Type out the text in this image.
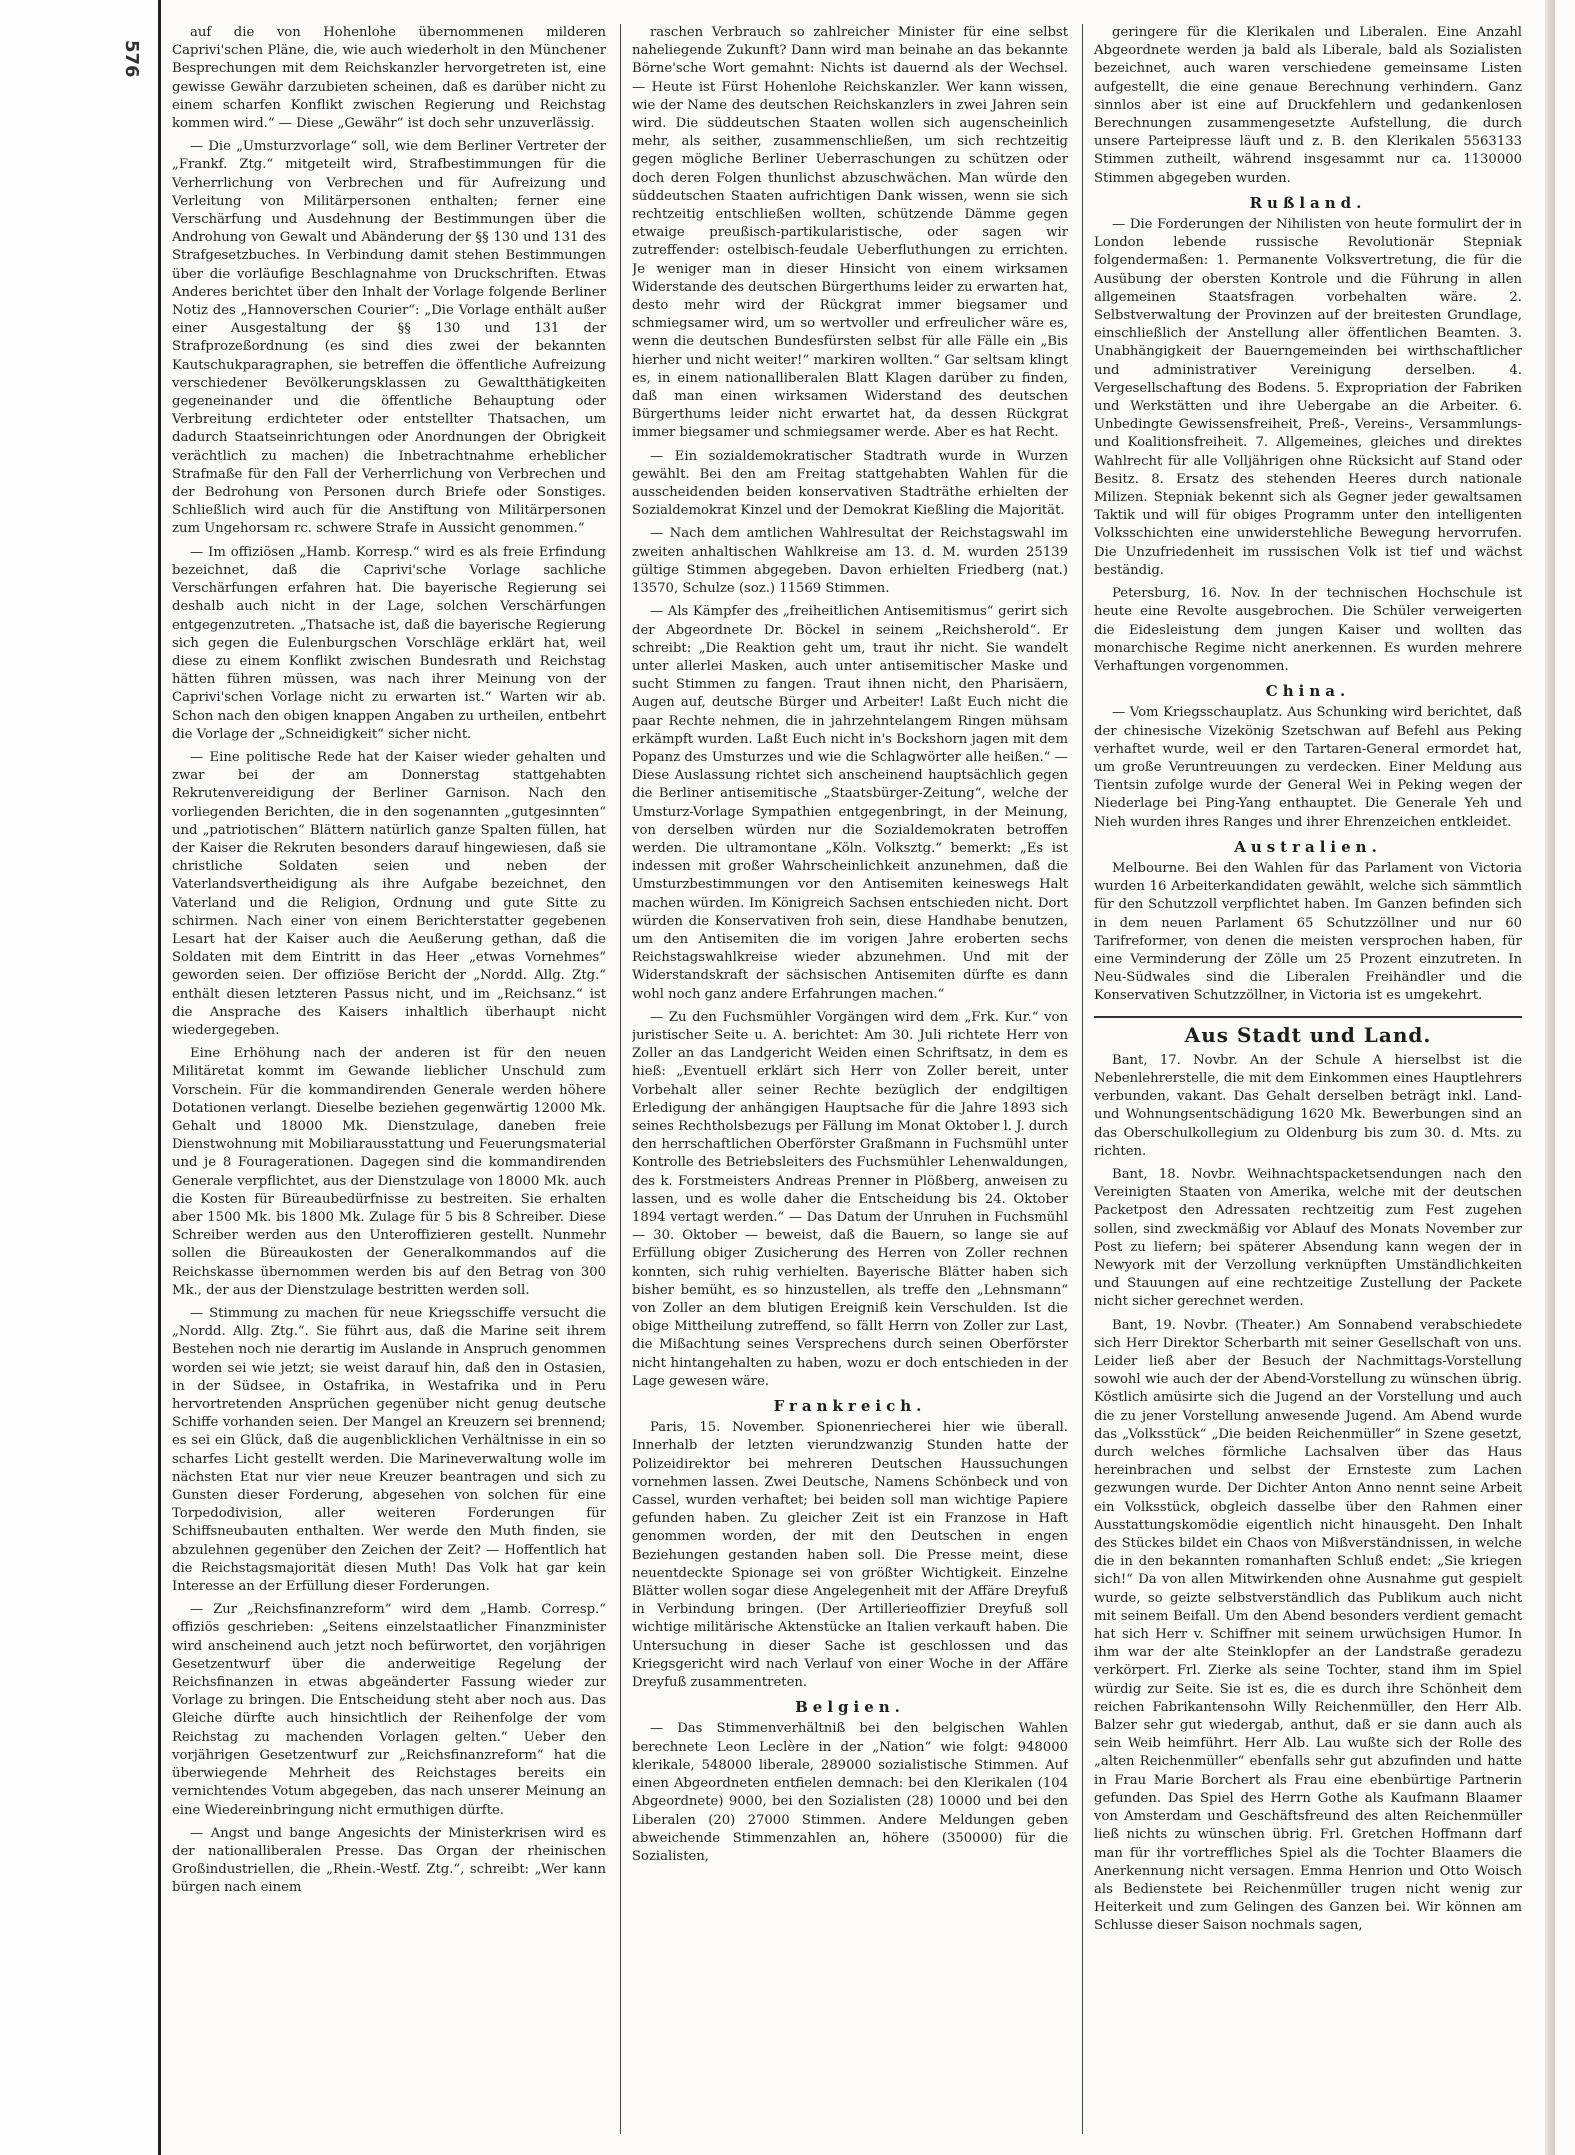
576

auf die von Hohenlohe übernommenen milderen Caprivi'schen Pläne, die, wie auch wiederholt in den Münchener Besprechungen mit dem Reichskanzler hervorgetreten ist, eine gewisse Gewähr darzubieten scheinen, daß es darüber nicht zu einem scharfen Konflikt zwischen Regierung und Reichstag kommen wird.“ — Diese „Gewähr“ ist doch sehr unzuverlässig.

— Die „Umsturzvorlage“ soll, wie dem Berliner Vertreter der „Frankf. Ztg.“ mitgeteilt wird, Strafbestimmungen für die Verherrlichung von Verbrechen und für Aufreizung und Verleitung von Militärpersonen enthalten; ferner eine Verschärfung und Ausdehnung der Bestimmungen über die Androhung von Gewalt und Abänderung der §§ 130 und 131 des Strafgesetzbuches. In Verbindung damit stehen Bestimmungen über die vorläufige Beschlagnahme von Druckschriften. Etwas Anderes berichtet über den Inhalt der Vorlage folgende Berliner Notiz des „Hannoverschen Courier“: „Die Vorlage enthält außer einer Ausgestaltung der §§ 130 und 131 der Strafprozeßordnung (es sind dies zwei der bekannten Kautschukparagraphen, sie betreffen die öffentliche Aufreizung verschiedener Bevölkerungsklassen zu Gewaltthätigkeiten gegeneinander und die öffentliche Behauptung oder Verbreitung erdichteter oder entstellter Thatsachen, um dadurch Staatseinrichtungen oder Anordnungen der Obrigkeit verächtlich zu machen) die Inbetrachtnahme erheblicher Strafmaße für den Fall der Verherrlichung von Verbrechen und der Bedrohung von Personen durch Briefe oder Sonstiges. Schließlich wird auch für die Anstiftung von Militärpersonen zum Ungehorsam rc. schwere Strafe in Aussicht genommen.“

— Im offiziösen „Hamb. Korresp.“ wird es als freie Erfindung bezeichnet, daß die Caprivi'sche Vorlage sachliche Verschärfungen erfahren hat. Die bayerische Regierung sei deshalb auch nicht in der Lage, solchen Verschärfungen entgegenzutreten. „Thatsache ist, daß die bayerische Regierung sich gegen die Eulenburgschen Vorschläge erklärt hat, weil diese zu einem Konflikt zwischen Bundesrath und Reichstag hätten führen müssen, was nach ihrer Meinung von der Caprivi'schen Vorlage nicht zu erwarten ist.“ Warten wir ab. Schon nach den obigen knappen Angaben zu urtheilen, entbehrt die Vorlage der „Schneidigkeit“ sicher nicht.

— Eine politische Rede hat der Kaiser wieder gehalten und zwar bei der am Donnerstag stattgehabten Rekrutenvereidigung der Berliner Garnison. Nach den vorliegenden Berichten, die in den sogenannten „gutgesinnten“ und „patriotischen“ Blättern natürlich ganze Spalten füllen, hat der Kaiser die Rekruten besonders darauf hingewiesen, daß sie christliche Soldaten seien und neben der Vaterlandsvertheidigung als ihre Aufgabe bezeichnet, den Vaterland und die Religion, Ordnung und gute Sitte zu schirmen. Nach einer von einem Berichterstatter gegebenen Lesart hat der Kaiser auch die Aeußerung gethan, daß die Soldaten mit dem Eintritt in das Heer „etwas Vornehmes“ geworden seien. Der offiziöse Bericht der „Nordd. Allg. Ztg.“ enthält diesen letzteren Passus nicht, und im „Reichsanz.“ ist die Ansprache des Kaisers inhaltlich überhaupt nicht wiedergegeben.

Eine Erhöhung nach der anderen ist für den neuen Militäretat kommt im Gewande lieblicher Unschuld zum Vorschein. Für die kommandirenden Generale werden höhere Dotationen verlangt. Dieselbe beziehen gegenwärtig 12000 Mk. Gehalt und 18000 Mk. Dienstzulage, daneben freie Dienstwohnung mit Mobiliarausstattung und Feuerungsmaterial und je 8 Fouragerationen. Dagegen sind die kommandirenden Generale verpflichtet, aus der Dienstzulage von 18000 Mk. auch die Kosten für Büreaubedürfnisse zu bestreiten. Sie erhalten aber 1500 Mk. bis 1800 Mk. Zulage für 5 bis 8 Schreiber. Diese Schreiber werden aus den Unteroffizieren gestellt. Nunmehr sollen die Büreaukosten der Generalkommandos auf die Reichskasse übernommen werden bis auf den Betrag von 300 Mk., der aus der Dienstzulage bestritten werden soll.

— Stimmung zu machen für neue Kriegsschiffe versucht die „Nordd. Allg. Ztg.“. Sie führt aus, daß die Marine seit ihrem Bestehen noch nie derartig im Auslande in Anspruch genommen worden sei wie jetzt; sie weist darauf hin, daß den in Ostasien, in der Südsee, in Ostafrika, in Westafrika und in Peru hervortretenden Ansprüchen gegenüber nicht genug deutsche Schiffe vorhanden seien. Der Mangel an Kreuzern sei brennend; es sei ein Glück, daß die augenblicklichen Verhältnisse in ein so scharfes Licht gestellt werden. Die Marineverwaltung wolle im nächsten Etat nur vier neue Kreuzer beantragen und sich zu Gunsten dieser Forderung, abgesehen von solchen für eine Torpedodivision, aller weiteren Forderungen für Schiffsneubauten enthalten. Wer werde den Muth finden, sie abzulehnen gegenüber den Zeichen der Zeit? — Hoffentlich hat die Reichstagsmajorität diesen Muth! Das Volk hat gar kein Interesse an der Erfüllung dieser Forderungen.

— Zur „Reichsfinanzreform“ wird dem „Hamb. Corresp.“ offiziös geschrieben: „Seitens einzelstaatlicher Finanzminister wird anscheinend auch jetzt noch befürwortet, den vorjährigen Gesetzentwurf über die anderweitige Regelung der Reichsfinanzen in etwas abgeänderter Fassung wieder zur Vorlage zu bringen. Die Entscheidung steht aber noch aus. Das Gleiche dürfte auch hinsichtlich der Reihenfolge der vom Reichstag zu machenden Vorlagen gelten.“ Ueber den vorjährigen Gesetzentwurf zur „Reichsfinanzreform“ hat die überwiegende Mehrheit des Reichstages bereits ein vernichtendes Votum abgegeben, das nach unserer Meinung an eine Wiedereinbringung nicht ermuthigen dürfte.

— Angst und bange Angesichts der Ministerkrisen wird es der nationalliberalen Presse. Das Organ der rheinischen Großindustriellen, die „Rhein.-Westf. Ztg.“, schreibt: „Wer kann bürgen nach einem

raschen Verbrauch so zahlreicher Minister für eine selbst naheliegende Zukunft? Dann wird man beinahe an das bekannte Börne'sche Wort gemahnt: Nichts ist dauernd als der Wechsel. — Heute ist Fürst Hohenlohe Reichskanzler. Wer kann wissen, wie der Name des deutschen Reichskanzlers in zwei Jahren sein wird. Die süddeutschen Staaten wollen sich augenscheinlich mehr, als seither, zusammenschließen, um sich rechtzeitig gegen mögliche Berliner Ueberraschungen zu schützen oder doch deren Folgen thunlichst abzuschwächen. Man würde den süddeutschen Staaten aufrichtigen Dank wissen, wenn sie sich rechtzeitig entschließen wollten, schützende Dämme gegen etwaige preußisch-partikularistische, oder sagen wir zutreffender: ostelbisch-feudale Ueberfluthungen zu errichten. Je weniger man in dieser Hinsicht von einem wirksamen Widerstande des deutschen Bürgerthums leider zu erwarten hat, desto mehr wird der Rückgrat immer biegsamer und schmiegsamer wird, um so wertvoller und erfreulicher wäre es, wenn die deutschen Bundesfürsten selbst für alle Fälle ein „Bis hierher und nicht weiter!“ markiren wollten.“ Gar seltsam klingt es, in einem nationalliberalen Blatt Klagen darüber zu finden, daß man einen wirksamen Widerstand des deutschen Bürgerthums leider nicht erwartet hat, da dessen Rückgrat immer biegsamer und schmiegsamer werde. Aber es hat Recht.

— Ein sozialdemokratischer Stadtrath wurde in Wurzen gewählt. Bei den am Freitag stattgehabten Wahlen für die ausscheidenden beiden konservativen Stadträthe erhielten der Sozialdemokrat Kinzel und der Demokrat Kießling die Majorität.

— Nach dem amtlichen Wahlresultat der Reichstagswahl im zweiten anhaltischen Wahlkreise am 13. d. M. wurden 25139 gültige Stimmen abgegeben. Davon erhielten Friedberg (nat.) 13570, Schulze (soz.) 11569 Stimmen.

— Als Kämpfer des „freiheitlichen Antisemitismus“ gerirt sich der Abgeordnete Dr. Böckel in seinem „Reichsherold“. Er schreibt: „Die Reaktion geht um, traut ihr nicht. Sie wandelt unter allerlei Masken, auch unter antisemitischer Maske und sucht Stimmen zu fangen. Traut ihnen nicht, den Pharisäern, Augen auf, deutsche Bürger und Arbeiter! Laßt Euch nicht die paar Rechte nehmen, die in jahrzehntelangem Ringen mühsam erkämpft wurden. Laßt Euch nicht in's Bockshorn jagen mit dem Popanz des Umsturzes und wie die Schlagwörter alle heißen.“ — Diese Auslassung richtet sich anscheinend hauptsächlich gegen die Berliner antisemitische „Staatsbürger-Zeitung“, welche der Umsturz-Vorlage Sympathien entgegenbringt, in der Meinung, von derselben würden nur die Sozialdemokraten betroffen werden. Die ultramontane „Köln. Volksztg.“ bemerkt: „Es ist indessen mit großer Wahrscheinlichkeit anzunehmen, daß die Umsturzbestimmungen vor den Antisemiten keineswegs Halt machen würden. Im Königreich Sachsen entschieden nicht. Dort würden die Konservativen froh sein, diese Handhabe benutzen, um den Antisemiten die im vorigen Jahre eroberten sechs Reichstagswahlkreise wieder abzunehmen. Und mit der Widerstandskraft der sächsischen Antisemiten dürfte es dann wohl noch ganz andere Erfahrungen machen.“

— Zu den Fuchsmühler Vorgängen wird dem „Frk. Kur.“ von juristischer Seite u. A. berichtet: Am 30. Juli richtete Herr von Zoller an das Landgericht Weiden einen Schriftsatz, in dem es hieß: „Eventuell erklärt sich Herr von Zoller bereit, unter Vorbehalt aller seiner Rechte bezüglich der endgiltigen Erledigung der anhängigen Hauptsache für die Jahre 1893 sich seines Rechtholsbezugs per Fällung im Monat Oktober l. J. durch den herrschaftlichen Oberförster Graßmann in Fuchsmühl unter Kontrolle des Betriebsleiters des Fuchsmühler Lehenwaldungen, des k. Forstmeisters Andreas Prenner in Plößberg, anweisen zu lassen, und es wolle daher die Entscheidung bis 24. Oktober 1894 vertagt werden.“ — Das Datum der Unruhen in Fuchsmühl — 30. Oktober — beweist, daß die Bauern, so lange sie auf Erfüllung obiger Zusicherung des Herren von Zoller rechnen konnten, sich ruhig verhielten. Bayerische Blätter haben sich bisher bemüht, es so hinzustellen, als treffe den „Lehnsmann“ von Zoller an dem blutigen Ereigniß kein Verschulden. Ist die obige Mittheilung zutreffend, so fällt Herrn von Zoller zur Last, die Mißachtung seines Versprechens durch seinen Oberförster nicht hintangehalten zu haben, wozu er doch entschieden in der Lage gewesen wäre.

Frankreich.

Paris, 15. November. Spionenriecherei hier wie überall. Innerhalb der letzten vierundzwanzig Stunden hatte der Polizeidirektor bei mehreren Deutschen Haussuchungen vornehmen lassen. Zwei Deutsche, Namens Schönbeck und von Cassel, wurden verhaftet; bei beiden soll man wichtige Papiere gefunden haben. Zu gleicher Zeit ist ein Franzose in Haft genommen worden, der mit den Deutschen in engen Beziehungen gestanden haben soll. Die Presse meint, diese neuentdeckte Spionage sei von größter Wichtigkeit. Einzelne Blätter wollen sogar diese Angelegenheit mit der Affäre Dreyfuß in Verbindung bringen. (Der Artillerieoffizier Dreyfuß soll wichtige militärische Aktenstücke an Italien verkauft haben. Die Untersuchung in dieser Sache ist geschlossen und das Kriegsgericht wird nach Verlauf von einer Woche in der Affäre Dreyfuß zusammentreten.

Belgien.

— Das Stimmenverhältniß bei den belgischen Wahlen berechnete Leon Leclère in der „Nation“ wie folgt: 948000 klerikale, 548000 liberale, 289000 sozialistische Stimmen. Auf einen Abgeordneten entfielen demnach: bei den Klerikalen (104 Abgeordnete) 9000, bei den Sozialisten (28) 10000 und bei den Liberalen (20) 27000 Stimmen. Andere Meldungen geben abweichende Stimmenzahlen an, höhere (350000) für die Sozialisten,

geringere für die Klerikalen und Liberalen. Eine Anzahl Abgeordnete werden ja bald als Liberale, bald als Sozialisten bezeichnet, auch waren verschiedene gemeinsame Listen aufgestellt, die eine genaue Berechnung verhindern. Ganz sinnlos aber ist eine auf Druckfehlern und gedankenlosen Berechnungen zusammengesetzte Aufstellung, die durch unsere Parteipresse läuft und z. B. den Klerikalen 5563133 Stimmen zutheilt, während insgesammt nur ca. 1130000 Stimmen abgegeben wurden.

Rußland.

— Die Forderungen der Nihilisten von heute formulirt der in London lebende russische Revolutionär Stepniak folgendermaßen: 1. Permanente Volksvertretung, die für die Ausübung der obersten Kontrole und die Führung in allen allgemeinen Staatsfragen vorbehalten wäre. 2. Selbstverwaltung der Provinzen auf der breitesten Grundlage, einschließlich der Anstellung aller öffentlichen Beamten. 3. Unabhängigkeit der Bauerngemeinden bei wirthschaftlicher und administrativer Vereinigung derselben. 4. Vergesellschaftung des Bodens. 5. Expropriation der Fabriken und Werkstätten und ihre Uebergabe an die Arbeiter. 6. Unbedingte Gewissensfreiheit, Preß-, Vereins-, Versammlungs- und Koalitionsfreiheit. 7. Allgemeines, gleiches und direktes Wahlrecht für alle Volljährigen ohne Rücksicht auf Stand oder Besitz. 8. Ersatz des stehenden Heeres durch nationale Milizen. Stepniak bekennt sich als Gegner jeder gewaltsamen Taktik und will für obiges Programm unter den intelligenten Volksschichten eine unwiderstehliche Bewegung hervorrufen. Die Unzufriedenheit im russischen Volk ist tief und wächst beständig.

Petersburg, 16. Nov. In der technischen Hochschule ist heute eine Revolte ausgebrochen. Die Schüler verweigerten die Eidesleistung dem jungen Kaiser und wollten das monarchische Regime nicht anerkennen. Es wurden mehrere Verhaftungen vorgenommen.

China.

— Vom Kriegsschauplatz. Aus Schunking wird berichtet, daß der chinesische Vizekönig Szetschwan auf Befehl aus Peking verhaftet wurde, weil er den Tartaren-General ermordet hat, um große Veruntreuungen zu verdecken. Einer Meldung aus Tientsin zufolge wurde der General Wei in Peking wegen der Niederlage bei Ping-Yang enthauptet. Die Generale Yeh und Nieh wurden ihres Ranges und ihrer Ehrenzeichen entkleidet.

Australien.

Melbourne. Bei den Wahlen für das Parlament von Victoria wurden 16 Arbeiterkandidaten gewählt, welche sich sämmtlich für den Schutzzoll verpflichtet haben. Im Ganzen befinden sich in dem neuen Parlament 65 Schutzzöllner und nur 60 Tarifreformer, von denen die meisten versprochen haben, für eine Verminderung der Zölle um 25 Prozent einzutreten. In Neu-Südwales sind die Liberalen Freihändler und die Konservativen Schutzzöllner, in Victoria ist es umgekehrt.

Aus Stadt und Land.

Bant, 17. Novbr. An der Schule A hierselbst ist die Nebenlehrerstelle, die mit dem Einkommen eines Hauptlehrers verbunden, vakant. Das Gehalt derselben beträgt inkl. Land- und Wohnungsentschädigung 1620 Mk. Bewerbungen sind an das Oberschulkollegium zu Oldenburg bis zum 30. d. Mts. zu richten.

Bant, 18. Novbr. Weihnachtspacketsendungen nach den Vereinigten Staaten von Amerika, welche mit der deutschen Packetpost den Adressaten rechtzeitig zum Fest zugehen sollen, sind zweckmäßig vor Ablauf des Monats November zur Post zu liefern; bei späterer Absendung kann wegen der in Newyork mit der Verzollung verknüpften Umständlichkeiten und Stauungen auf eine rechtzeitige Zustellung der Packete nicht sicher gerechnet werden.

Bant, 19. Novbr. (Theater.) Am Sonnabend verabschiedete sich Herr Direktor Scherbarth mit seiner Gesellschaft von uns. Leider ließ aber der Besuch der Nachmittags-Vorstellung sowohl wie auch der der Abend-Vorstellung zu wünschen übrig. Köstlich amüsirte sich die Jugend an der Vorstellung und auch die zu jener Vorstellung anwesende Jugend. Am Abend wurde das „Volksstück“ „Die beiden Reichenmüller“ in Szene gesetzt, durch welches förmliche Lachsalven über das Haus hereinbrachen und selbst der Ernsteste zum Lachen gezwungen wurde. Der Dichter Anton Anno nennt seine Arbeit ein Volksstück, obgleich dasselbe über den Rahmen einer Ausstattungskomödie eigentlich nicht hinausgeht. Den Inhalt des Stückes bildet ein Chaos von Mißverständnissen, in welche die in den bekannten romanhaften Schluß endet: „Sie kriegen sich!“ Da von allen Mitwirkenden ohne Ausnahme gut gespielt wurde, so geizte selbstverständlich das Publikum auch nicht mit seinem Beifall. Um den Abend besonders verdient gemacht hat sich Herr v. Schiffner mit seinem urwüchsigen Humor. In ihm war der alte Steinklopfer an der Landstraße geradezu verkörpert. Frl. Zierke als seine Tochter, stand ihm im Spiel würdig zur Seite. Sie ist es, die es durch ihre Schönheit dem reichen Fabrikantensohn Willy Reichenmüller, den Herr Alb. Balzer sehr gut wiedergab, anthut, daß er sie dann auch als sein Weib heimführt. Herr Alb. Lau wußte sich der Rolle des „alten Reichenmüller“ ebenfalls sehr gut abzufinden und hatte in Frau Marie Borchert als Frau eine ebenbürtige Partnerin gefunden. Das Spiel des Herrn Gothe als Kaufmann Blaamer von Amsterdam und Geschäftsfreund des alten Reichenmüller ließ nichts zu wünschen übrig. Frl. Gretchen Hoffmann darf man für ihr vortreffliches Spiel als die Tochter Blaamers die Anerkennung nicht versagen. Emma Henrion und Otto Woisch als Bedienstete bei Reichenmüller trugen nicht wenig zur Heiterkeit und zum Gelingen des Ganzen bei. Wir können am Schlusse dieser Saison nochmals sagen,
